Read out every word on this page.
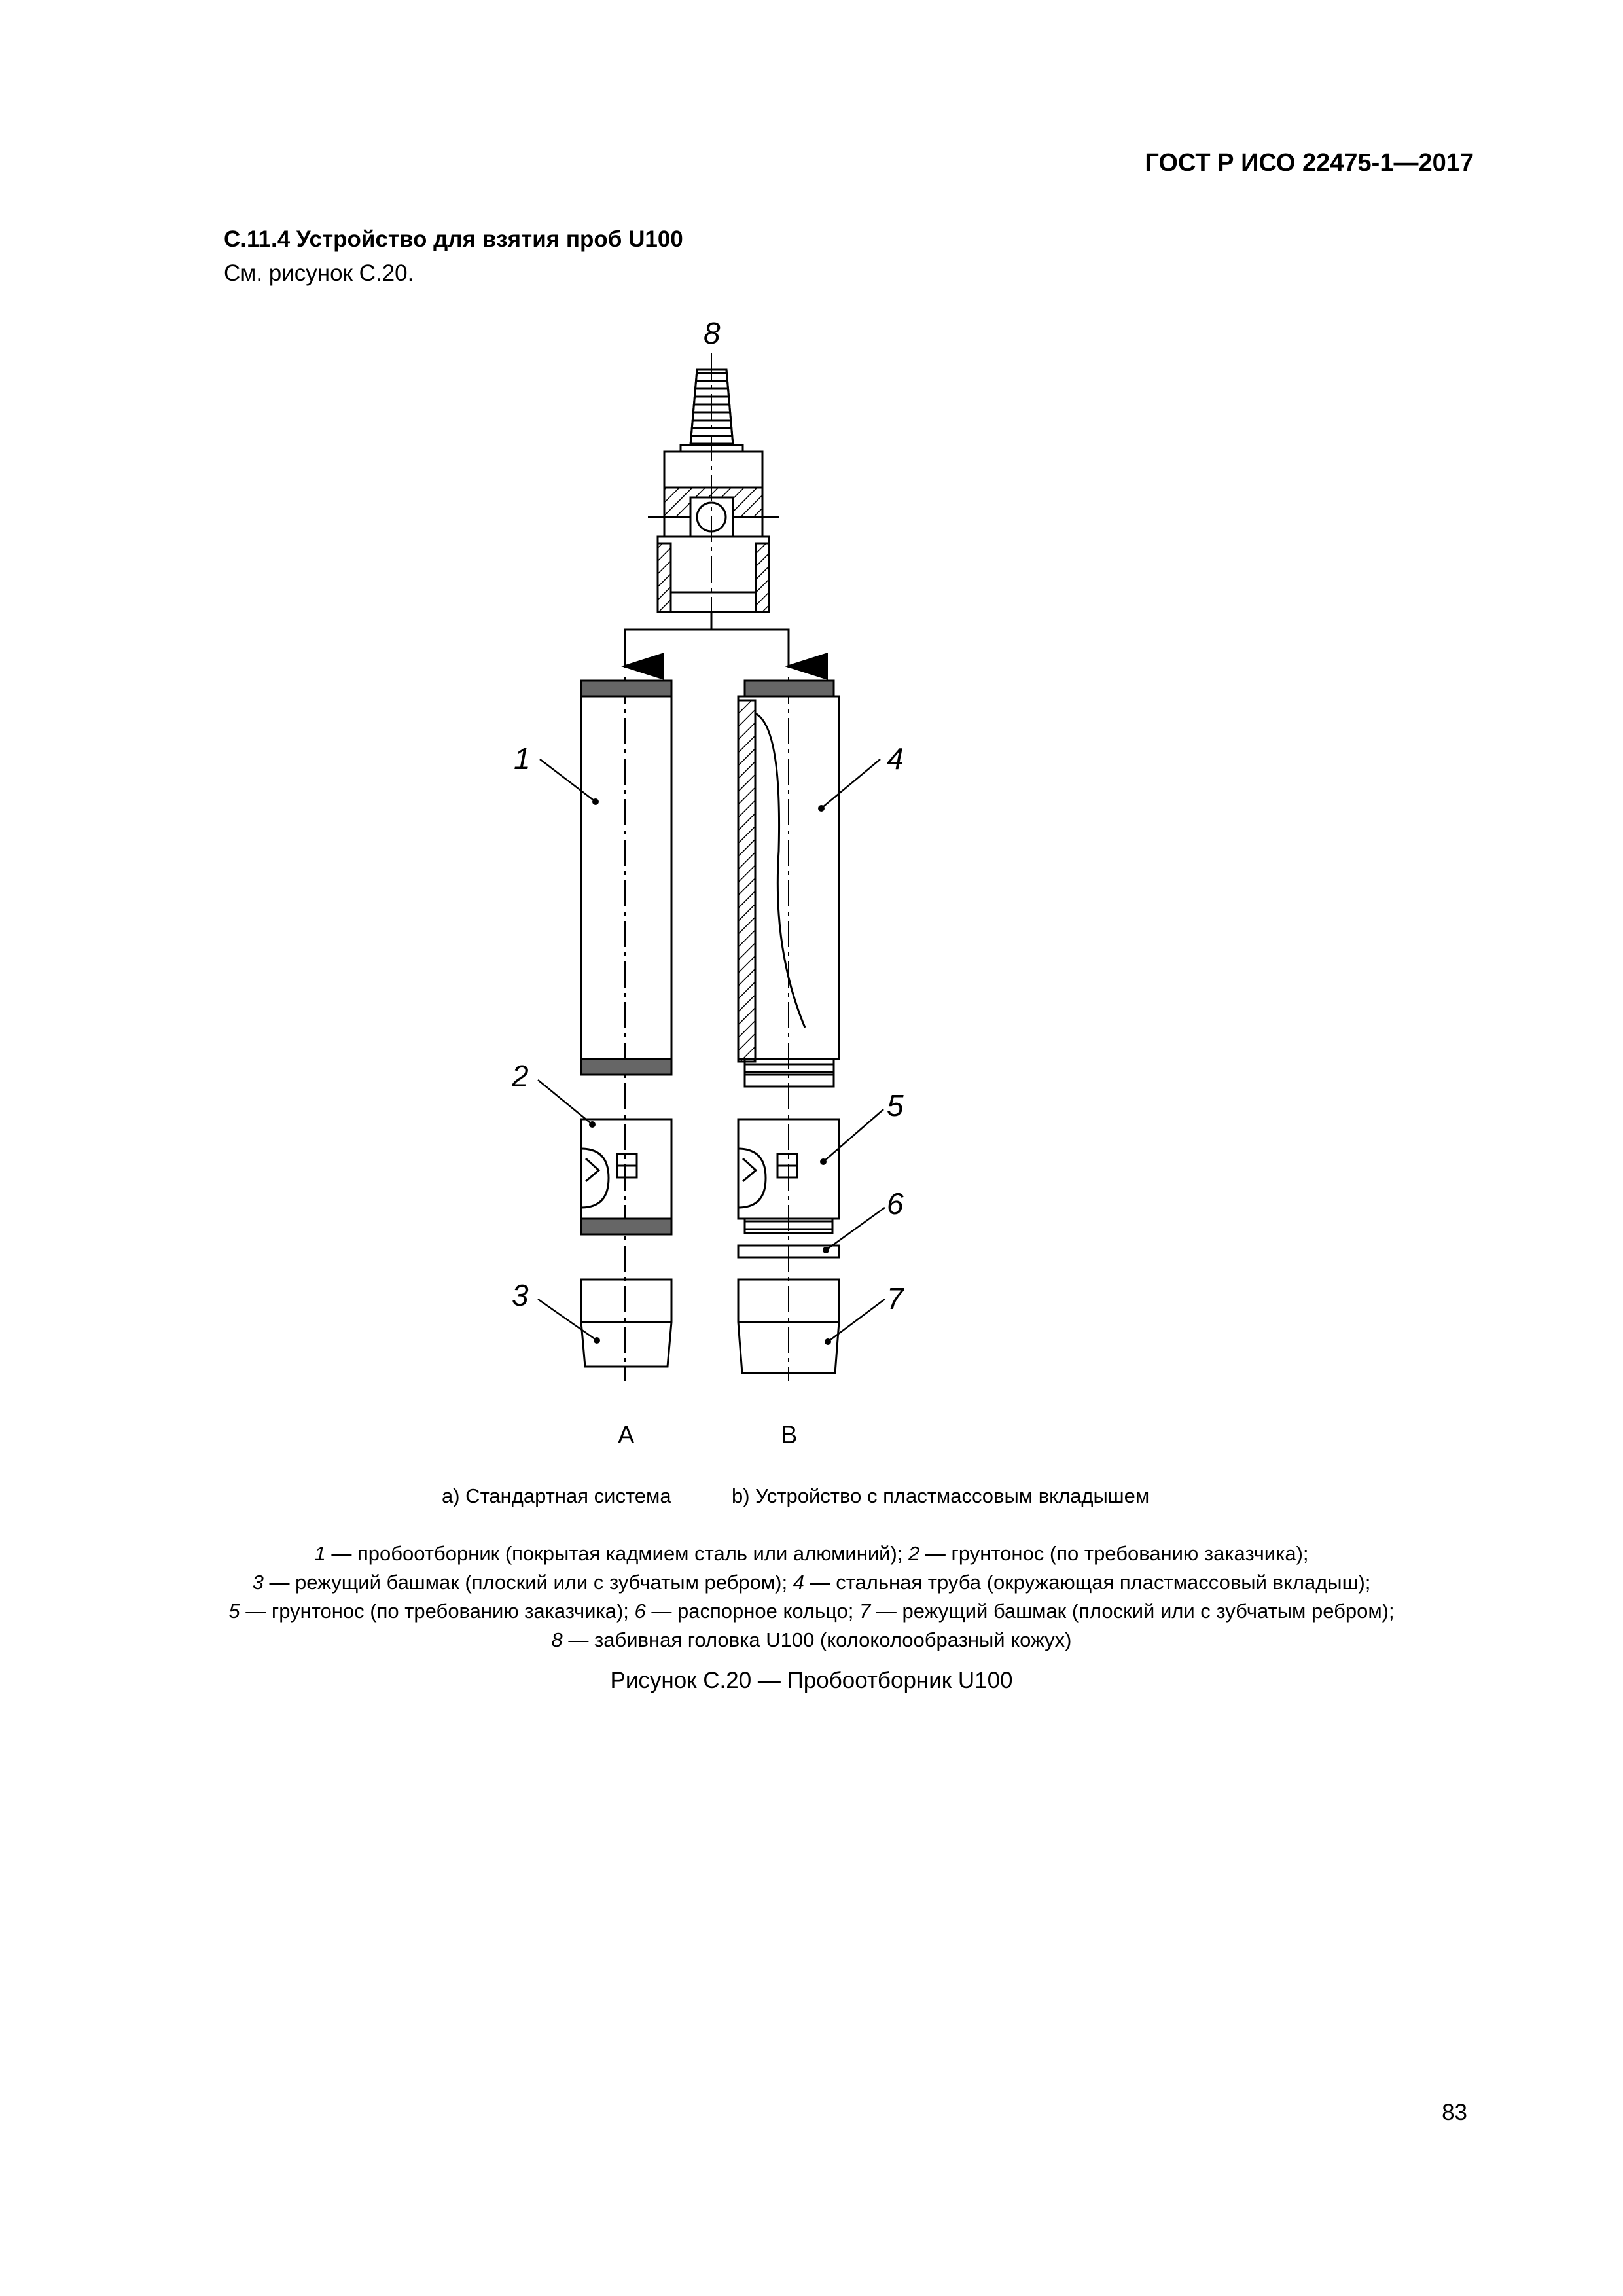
ГОСТ Р ИСО 22475-1—2017
C.11.4 Устройство для взятия проб U100
См. рисунок С.20.
8
1	4
2
5
6
3	7
A	B
а) Стандартная система	b) Устройство с пластмассовым вкладышем
1 — пробоотборник (покрытая кадмием сталь или алюминий); 2 — грунтонос (по требованию заказчика);
3 — режущий башмак (плоский или с зубчатым ребром); 4 — стальная труба (окружающая пластмассовый вкладыш);
5 — грунтонос (по требованию заказчика); 6 — распорное кольцо; 7 — режущий башмак (плоский или с зубчатым ребром);
8 — забивная головка U100 (колоколообразный кожух)
Рисунок С.20 — Пробоотборник U100
83
